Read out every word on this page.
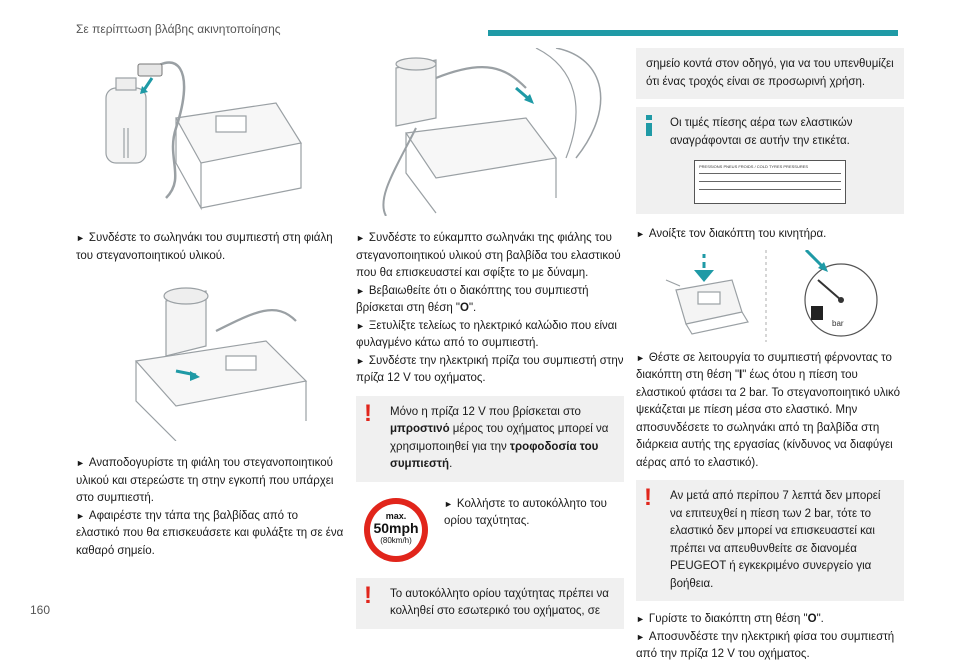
Σε περίπτωση βλάβης ακινητοποίησης

► Συνδέστε το σωληνάκι του συμπιεστή στη φιάλη του στεγανοποιητικού υλικού.

► Αναποδογυρίστε τη φιάλη του στεγανοποιητικού υλικού και στερεώστε τη στην εγκοπή που υπάρχει στο συμπιεστή.

► Αφαιρέστε την τάπα της βαλβίδας από το ελαστικό που θα επισκευάσετε και φυλάξτε τη σε ένα καθαρό σημείο.

► Συνδέστε το εύκαμπτο σωληνάκι της φιάλης του στεγανοποιητικού υλικού στη βαλβίδα του ελαστικού που θα επισκευαστεί και σφίξτε το με δύναμη.

► Βεβαιωθείτε ότι ο διακόπτης του συμπιεστή βρίσκεται στη θέση "O".

► Ξετυλίξτε τελείως το ηλεκτρικό καλώδιο που είναι φυλαγμένο κάτω από το συμπιεστή.

► Συνδέστε την ηλεκτρική πρίζα του συμπιεστή στην πρίζα 12 V του οχήματος.

!	Μόνο η πρίζα 12 V που βρίσκεται στο μπροστινό μέρος του οχήματος μπορεί να χρησιμοποιηθεί για την τροφοδοσία του συμπιεστή.
max.
50mph
(80km/h)

► Κολλήστε το αυτοκόλλητο του ορίου ταχύτητας.

!	Το αυτοκόλλητο ορίου ταχύτητας πρέπει να κολληθεί στο εσωτερικό του οχήματος, σε
σημείο κοντά στον οδηγό, για να του υπενθυμίζει ότι ένας τροχός είναι σε προσωρινή χρήση.
Οι τιμές πίεσης αέρα των ελαστικών αναγράφονται σε αυτήν την ετικέτα.
PRESSIONS PNEUS FROIDS / COLD TYRES PRESSURES

► Ανοίξτε τον διακόπτη του κινητήρα.

bar

► Θέστε σε λειτουργία το συμπιεστή φέρνοντας το διακόπτη στη θέση "I" έως ότου η πίεση του ελαστικού φτάσει τα 2 bar. Το στεγανοποιητικό υλικό ψεκάζεται με πίεση μέσα στο ελαστικό. Μην αποσυνδέσετε το σωληνάκι από τη βαλβίδα στη διάρκεια αυτής της εργασίας (κίνδυνος να διαφύγει αέρας από το ελαστικό).

!	Αν μετά από περίπου 7 λεπτά δεν μπορεί να επιτευχθεί η πίεση των 2 bar, τότε το ελαστικό δεν μπορεί να επισκευαστεί και πρέπει να απευθυνθείτε σε διανομέα PEUGEOT ή εγκεκριμένο συνεργείο για βοήθεια.

► Γυρίστε το διακόπτη στη θέση "O".

► Αποσυνδέστε την ηλεκτρική φίσα του συμπιεστή από την πρίζα 12 V του οχήματος.

160
